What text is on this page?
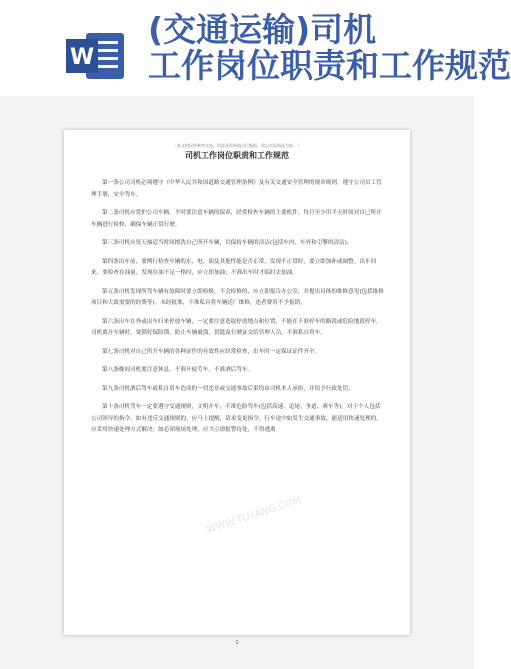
W
(交通运输)司机
工作岗位职责和工作规范
WWW.TUYANG.COM
（本文档仅供参考交流，所涉及资料请自行甄别，需以实际情况为准。）
司机工作岗位职责和工作规范

第一条公司司机必须遵守《中华人民共和国道路交通管理条例》及有关交通安全管理的规章规则，遵守公司员工管理手册，安全驾车。

第二条司机应爱护公司车辆，平时要注意车辆的保养，经常检查车辆的主要机件。每月至少用半天时间对自己所开车辆进行检修，确保车辆正常行驶。

第三条司机应每天抽适当时间擦洗自己所开车辆，以保持车辆的清洁(包括车内、车外和引擎的清洁)。

第四条出车前，要例行检查车辆的水、电、油及其他性能是否正常，发现不正常时，要立即加补或调整。出车回来，要检查存油量，发现存油不足一格时，应立即加油；不准出车时才临时去加油。

第五条司机发现所驾车辆有故障时要立即检修，不会检修的，应立即报告办公室，并提出具体的维修意见(包括维修项目和大致需要的经费等)。未经批准，不准私自将车辆送厂维修，违者费用不予报销。

第六条出车在外或出车归来停放车辆，一定要注意选取停放地点和位置，不能在不准停车的路段或危险地段停车。司机离开车辆时，要锁好保险锁，防止车辆被盗。钥匙及行驶证交给管理人员，不准私自用车。

第七条司机对自己所开车辆的各种证件的有效性应经常检查，出车时一定保证证件齐全。

第八条晚间司机要注意休息，不准开疲劳车，不准酒后驾车。

第九条司机酒后驾车或私自用车造成的一切违章或交通事故后果均由司机本人承担，并给予行政处罚。

第十条司机驾车一定要遵守交通规则，文明开车，不准危险驾车(包括高速、追尾、争道、赛车等)，对于个人包括公司领导的指令，如有违反交通规则的，应马上提醒，请求变更指令，行车途中如发生交通事故，能适用快速处理的，应采用快速处理方式解决；如必须现场处理，应当立即报警待处，不得逃离

1
